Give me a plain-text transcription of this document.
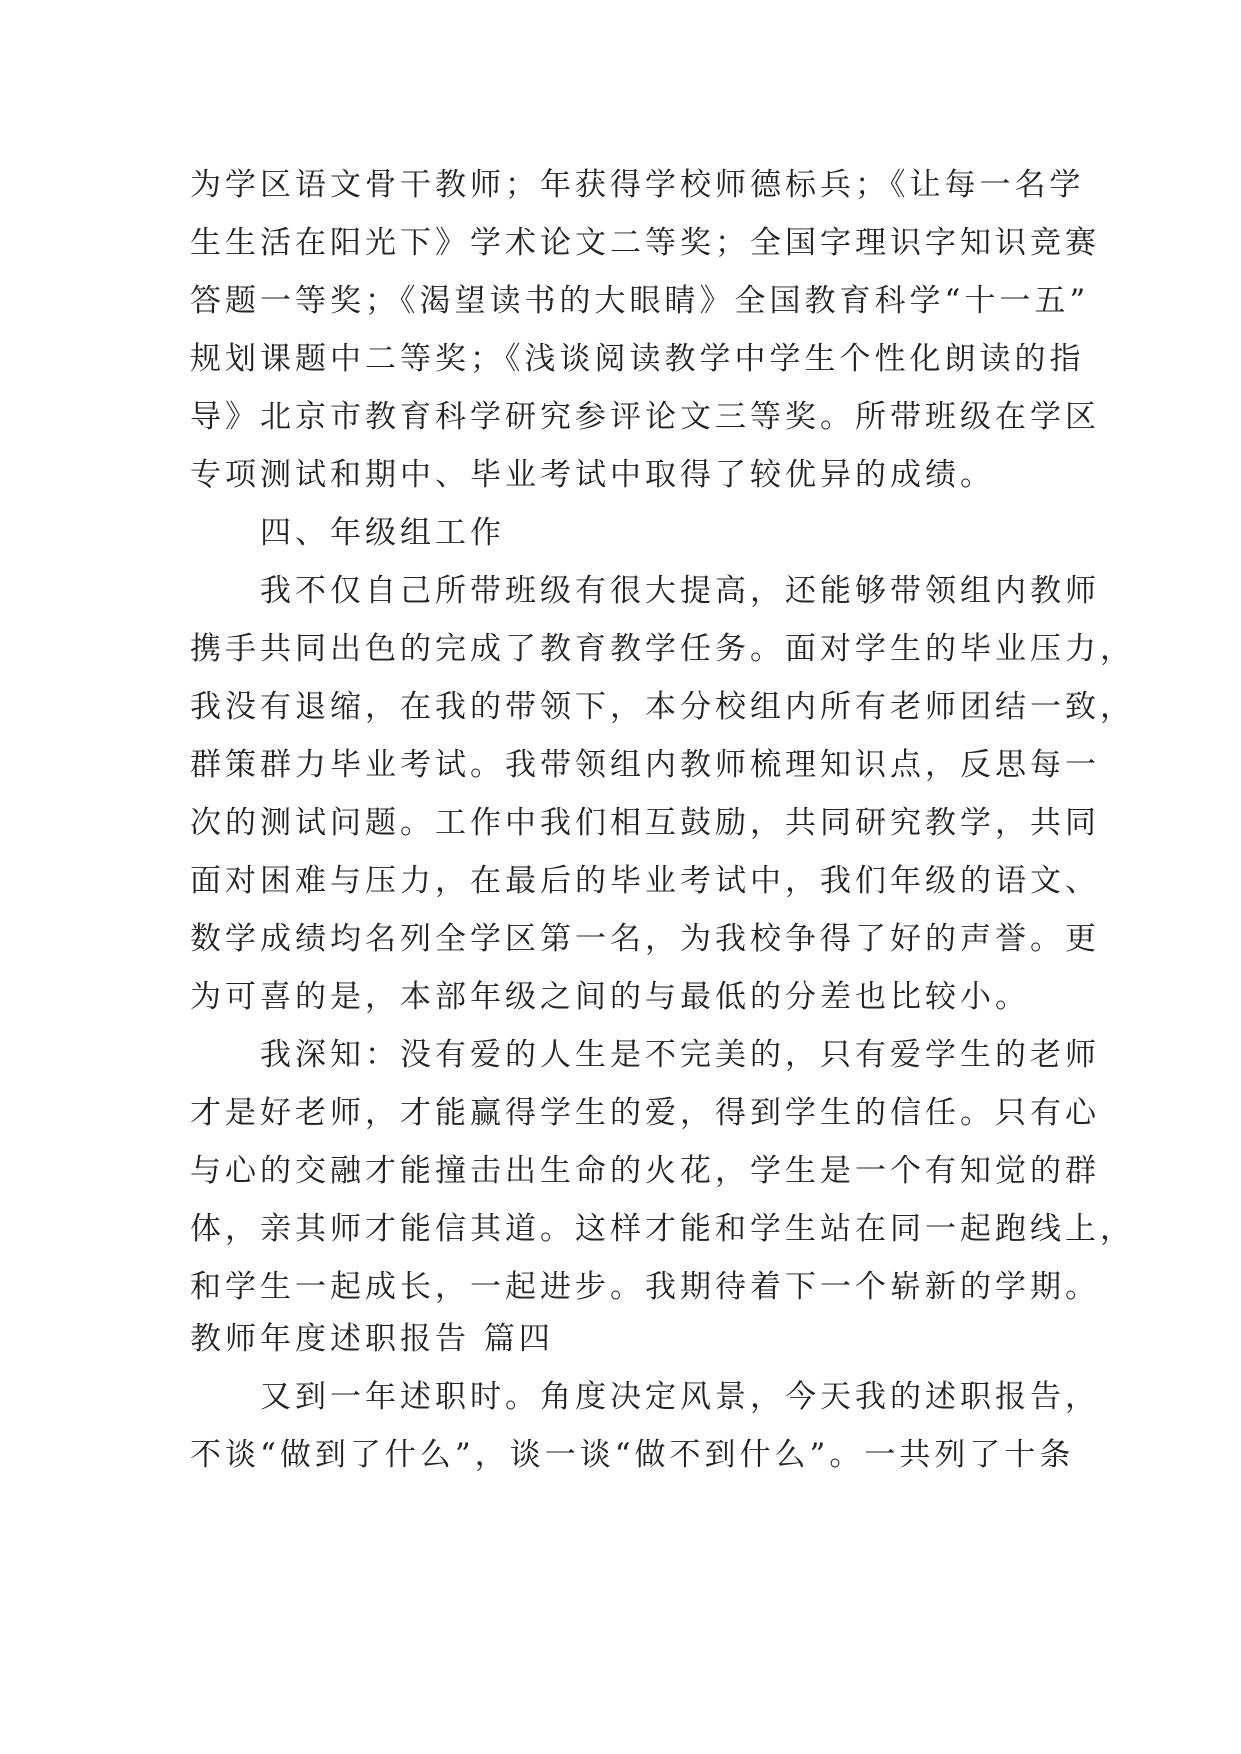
为学区语文骨干教师；年获得学校师德标兵；《让每一名学
生生活在阳光下》学术论文二等奖；全国字理识字知识竞赛
答题一等奖；《渴望读书的大眼睛》全国教育科学“十一五”
规划课题中二等奖；《浅谈阅读教学中学生个性化朗读的指
导》北京市教育科学研究参评论文三等奖。所带班级在学区
专项测试和期中、毕业考试中取得了较优异的成绩。
　　四、年级组工作
　　我不仅自己所带班级有很大提高，还能够带领组内教师
携手共同出色的完成了教育教学任务。面对学生的毕业压力，
我没有退缩，在我的带领下，本分校组内所有老师团结一致，
群策群力毕业考试。我带领组内教师梳理知识点，反思每一
次的测试问题。工作中我们相互鼓励，共同研究教学，共同
面对困难与压力，在最后的毕业考试中，我们年级的语文、
数学成绩均名列全学区第一名，为我校争得了好的声誉。更
为可喜的是，本部年级之间的与最低的分差也比较小。
　　我深知：没有爱的人生是不完美的，只有爱学生的老师
才是好老师，才能赢得学生的爱，得到学生的信任。只有心
与心的交融才能撞击出生命的火花，学生是一个有知觉的群
体，亲其师才能信其道。这样才能和学生站在同一起跑线上，
和学生一起成长，一起进步。我期待着下一个崭新的学期。
教师年度述职报告 篇四
　　又到一年述职时。角度决定风景，今天我的述职报告，
不谈“做到了什么”，谈一谈“做不到什么”。一共列了十条
